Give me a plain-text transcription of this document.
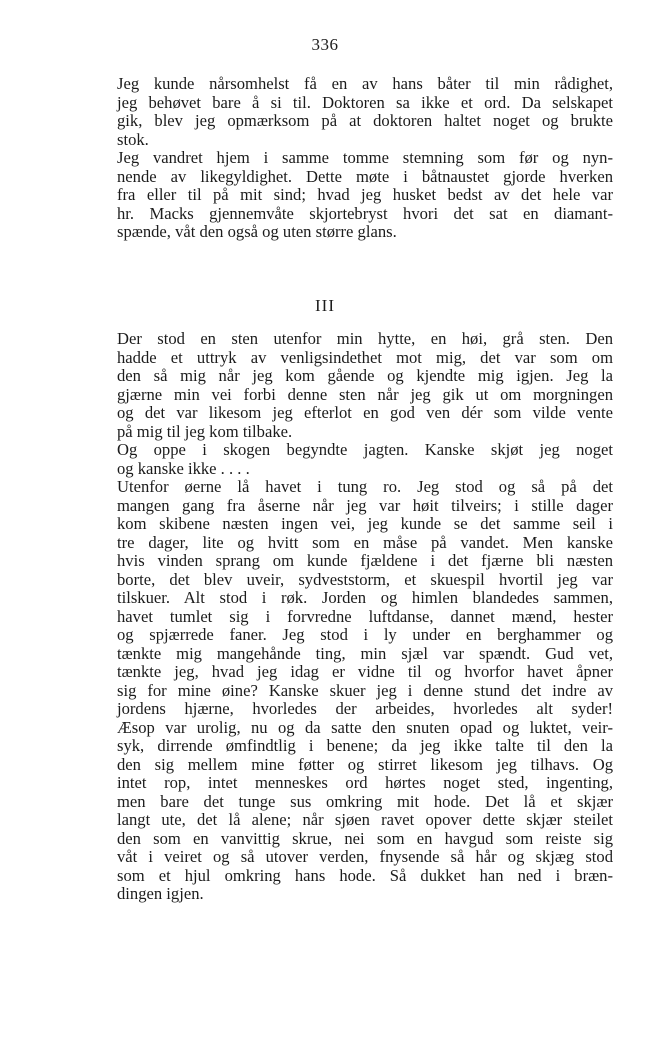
336
Jeg kunde nårsomhelst få en av hans båter til min rådighet,
jeg behøvet bare å si til. Doktoren sa ikke et ord. Da selskapet
gik, blev jeg opmærksom på at doktoren haltet noget og brukte
stok.
Jeg vandret hjem i samme tomme stemning som før og nyn-
nende av likegyldighet. Dette møte i båtnaustet gjorde hverken
fra eller til på mit sind; hvad jeg husket bedst av det hele var
hr. Macks gjennemvåte skjortebryst hvori det sat en diamant-
spænde, våt den også og uten større glans.
III
Der stod en sten utenfor min hytte, en høi, grå sten. Den
hadde et uttryk av venligsindethet mot mig, det var som om
den så mig når jeg kom gående og kjendte mig igjen. Jeg la
gjærne min vei forbi denne sten når jeg gik ut om morgningen
og det var likesom jeg efterlot en god ven dér som vilde vente
på mig til jeg kom tilbake.
Og oppe i skogen begyndte jagten. Kanske skjøt jeg noget
og kanske ikke . . . .
Utenfor øerne lå havet i tung ro. Jeg stod og så på det
mangen gang fra åserne når jeg var høit tilveirs; i stille dager
kom skibene næsten ingen vei, jeg kunde se det samme seil i
tre dager, lite og hvitt som en måse på vandet. Men kanske
hvis vinden sprang om kunde fjældene i det fjærne bli næsten
borte, det blev uveir, sydveststorm, et skuespil hvortil jeg var
tilskuer. Alt stod i røk. Jorden og himlen blandedes sammen,
havet tumlet sig i forvredne luftdanse, dannet mænd, hester
og spjærrede faner. Jeg stod i ly under en berghammer og
tænkte mig mangehånde ting, min sjæl var spændt. Gud vet,
tænkte jeg, hvad jeg idag er vidne til og hvorfor havet åpner
sig for mine øine? Kanske skuer jeg i denne stund det indre av
jordens hjærne, hvorledes der arbeides, hvorledes alt syder!
Æsop var urolig, nu og da satte den snuten opad og luktet, veir-
syk, dirrende ømfindtlig i benene; da jeg ikke talte til den la
den sig mellem mine føtter og stirret likesom jeg tilhavs. Og
intet rop, intet menneskes ord hørtes noget sted, ingenting,
men bare det tunge sus omkring mit hode. Det lå et skjær
langt ute, det lå alene; når sjøen ravet opover dette skjær steilet
den som en vanvittig skrue, nei som en havgud som reiste sig
våt i veiret og så utover verden, fnysende så hår og skjæg stod
som et hjul omkring hans hode. Så dukket han ned i bræn-
dingen igjen.
